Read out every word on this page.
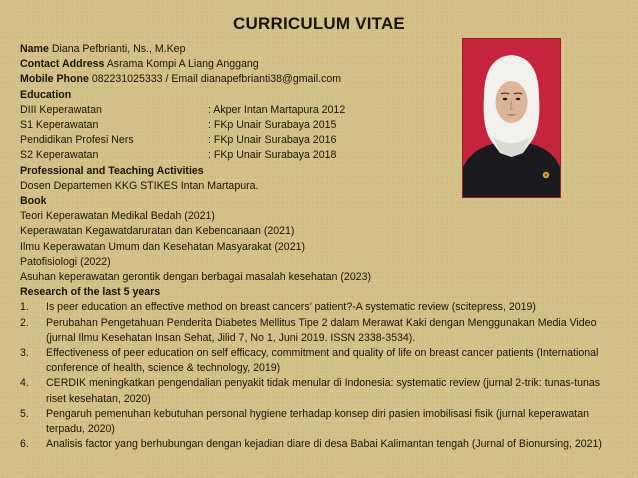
CURRICULUM VITAE
Name Diana Pefbrianti, Ns., M.Kep
Contact Address Asrama Kompi A Liang Anggang
Mobile Phone 082231025333 / Email dianapefbrianti38@gmail.com
Education
DIII Keperawatan	: Akper Intan Martapura 2012
S1 Keperawatan	: FKp Unair Surabaya 2015
Pendidikan Profesi Ners	: FKp Unair Surabaya 2016
S2 Keperawatan	: FKp Unair Surabaya 2018
Professional and Teaching Activities
Dosen Departemen KKG STIKES Intan Martapura.
Book
Teori Keperawatan Medikal Bedah (2021)
Keperawatan Kegawatdaruratan dan Kebencanaan (2021)
Ilmu Keperawatan Umum dan Kesehatan Masyarakat (2021)
Patofisiologi (2022)
Asuhan keperawatan gerontik dengan berbagai masalah kesehatan (2023)
Research of the last 5 years
1.	Is peer education an effective method on breast cancers’ patient?-A systematic review (scitepress, 2019)
2.	Perubahan Pengetahuan Penderita Diabetes Mellitus Tipe 2 dalam Merawat Kaki dengan Menggunakan Media Video (jurnal Ilmu Kesehatan Insan Sehat, Jilid 7, No 1, Juni 2019. ISSN 2338-3534).
3.	Effectiveness of peer education on self efficacy, commitment and quality of life on breast cancer patients (International conference of health, science & technology, 2019)
4.	CERDIK meningkatkan pengendalian penyakit tidak menular di Indonesia: systematic review (jurnal 2-trik: tunas-tunas riset kesehatan, 2020)
5.	Pengaruh pemenuhan kebutuhan personal hygiene terhadap konsep diri pasien imobilisasi fisik (jurnal keperawatan terpadu, 2020)
6.	Analisis factor yang berhubungan dengan kejadian diare di desa Babai Kalimantan tengah (Jurnal of Bionursing, 2021)
